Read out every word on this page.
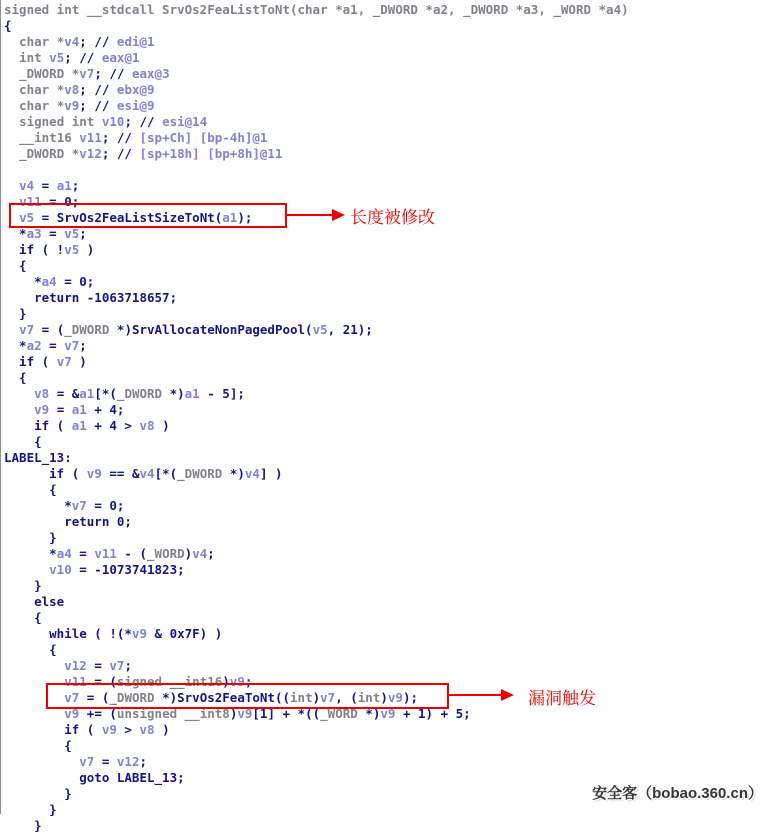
signed int __stdcall SrvOs2FeaListToNt(char *a1, _DWORD *a2, _DWORD *a3, _WORD *a4)
{
char *v4; // edi@1
int v5; // eax@1
_DWORD *v7; // eax@3
char *v8; // ebx@9
char *v9; // esi@9
signed int v10; // esi@14
__int16 v11; // [sp+Ch] [bp-4h]@1
_DWORD *v12; // [sp+18h] [bp+8h]@11

v4 = a1;
v11 = 0;
v5 = SrvOs2FeaListSizeToNt(a1);
*a3 = v5;
if ( !v5 )
{
*a4 = 0;
return -1063718657;
}
v7 = (_DWORD *)SrvAllocateNonPagedPool(v5, 21);
*a2 = v7;
if ( v7 )
{
v8 = &a1[*(_DWORD *)a1 - 5];
v9 = a1 + 4;
if ( a1 + 4 > v8 )
{
LABEL_13:
if ( v9 == &v4[*(_DWORD *)v4] )
{
*v7 = 0;
return 0;
}
*a4 = v11 - (_WORD)v4;
v10 = -1073741823;
}
else
{
while ( !(*v9 & 0x7F) )
{
v12 = v7;
v11 = (signed __int16)v9;
v7 = (_DWORD *)SrvOs2FeaToNt((int)v7, (int)v9);
v9 += (unsigned __int8)v9[1] + *((_WORD *)v9 + 1) + 5;
if ( v9 > v8 )
{
v7 = v12;
goto LABEL_13;
}
}
}
长度被修改
漏洞触发
安全客（bobao.360.cn）
